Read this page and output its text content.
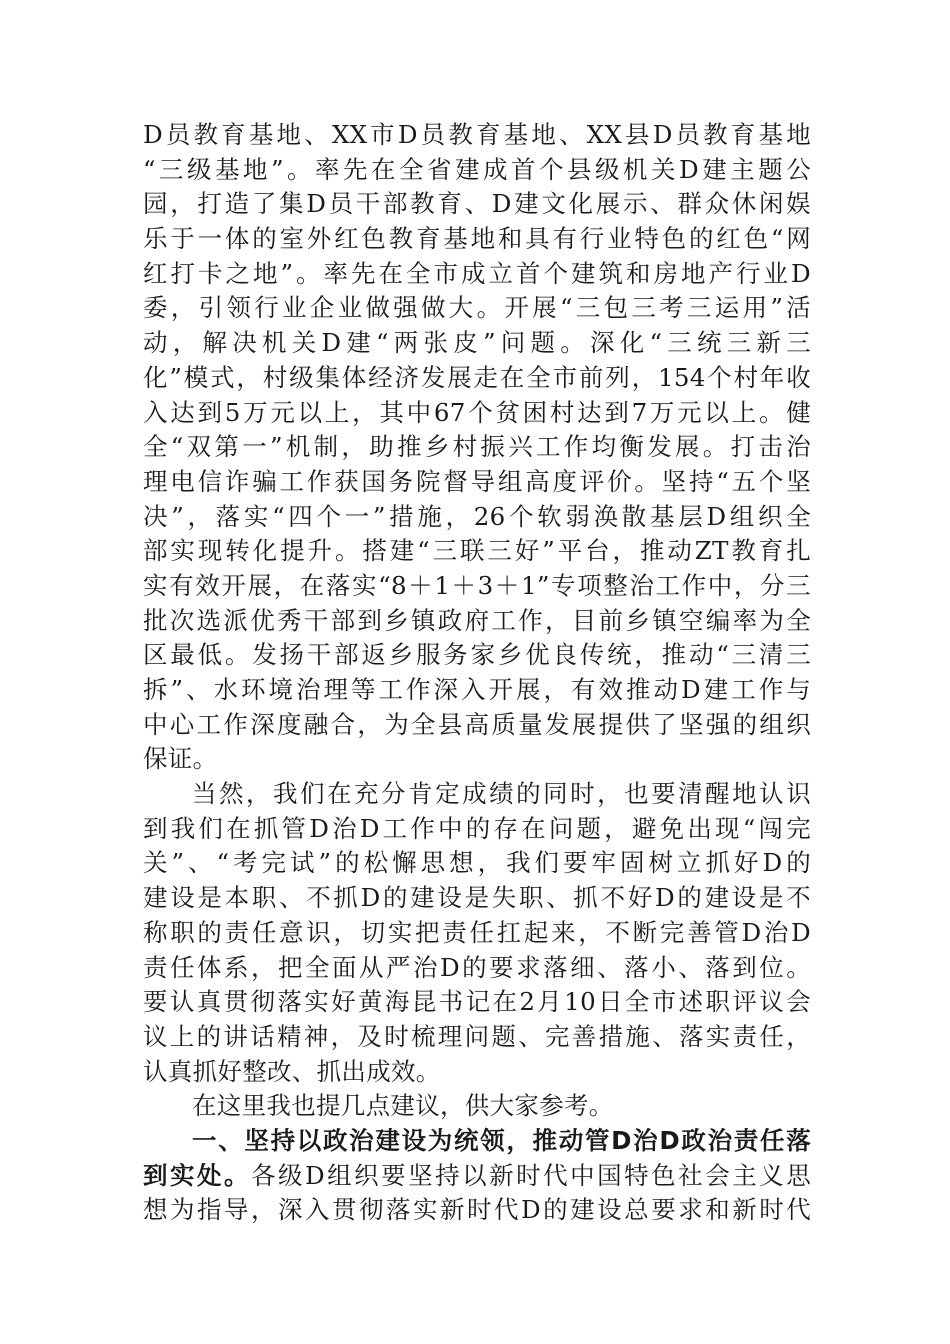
D员教育基地、XX市D员教育基地、XX县D员教育基地
“三级基地”。率先在全省建成首个县级机关D建主题公
园，打造了集D员干部教育、D建文化展示、群众休闲娱
乐于一体的室外红色教育基地和具有行业特色的红色“网
红打卡之地”。率先在全市成立首个建筑和房地产行业D
委，引领行业企业做强做大。开展“三包三考三运用”活
动，解决机关D建“两张皮”问题。深化“三统三新三
化”模式，村级集体经济发展走在全市前列，154个村年收
入达到5万元以上，其中67个贫困村达到7万元以上。健
全“双第一”机制，助推乡村振兴工作均衡发展。打击治
理电信诈骗工作获国务院督导组高度评价。坚持“五个坚
决”，落实“四个一”措施，26个软弱涣散基层D组织全
部实现转化提升。搭建“三联三好”平台，推动ZT教育扎
实有效开展，在落实“8＋1＋3＋1”专项整治工作中，分三
批次选派优秀干部到乡镇政府工作，目前乡镇空编率为全
区最低。发扬干部返乡服务家乡优良传统，推动“三清三
拆”、水环境治理等工作深入开展，有效推动D建工作与
中心工作深度融合，为全县高质量发展提供了坚强的组织
保证。
当然，我们在充分肯定成绩的同时，也要清醒地认识
到我们在抓管D治D工作中的存在问题，避免出现“闯完
关”、“考完试”的松懈思想，我们要牢固树立抓好D的
建设是本职、不抓D的建设是失职、抓不好D的建设是不
称职的责任意识，切实把责任扛起来，不断完善管D治D
责任体系，把全面从严治D的要求落细、落小、落到位。
要认真贯彻落实好黄海昆书记在2月10日全市述职评议会
议上的讲话精神，及时梳理问题、完善措施、落实责任，
认真抓好整改、抓出成效。
在这里我也提几点建议，供大家参考。
一、坚持以政治建设为统领，推动管D治D政治责任落
到实处。各级D组织要坚持以新时代中国特色社会主义思
想为指导，深入贯彻落实新时代D的建设总要求和新时代
